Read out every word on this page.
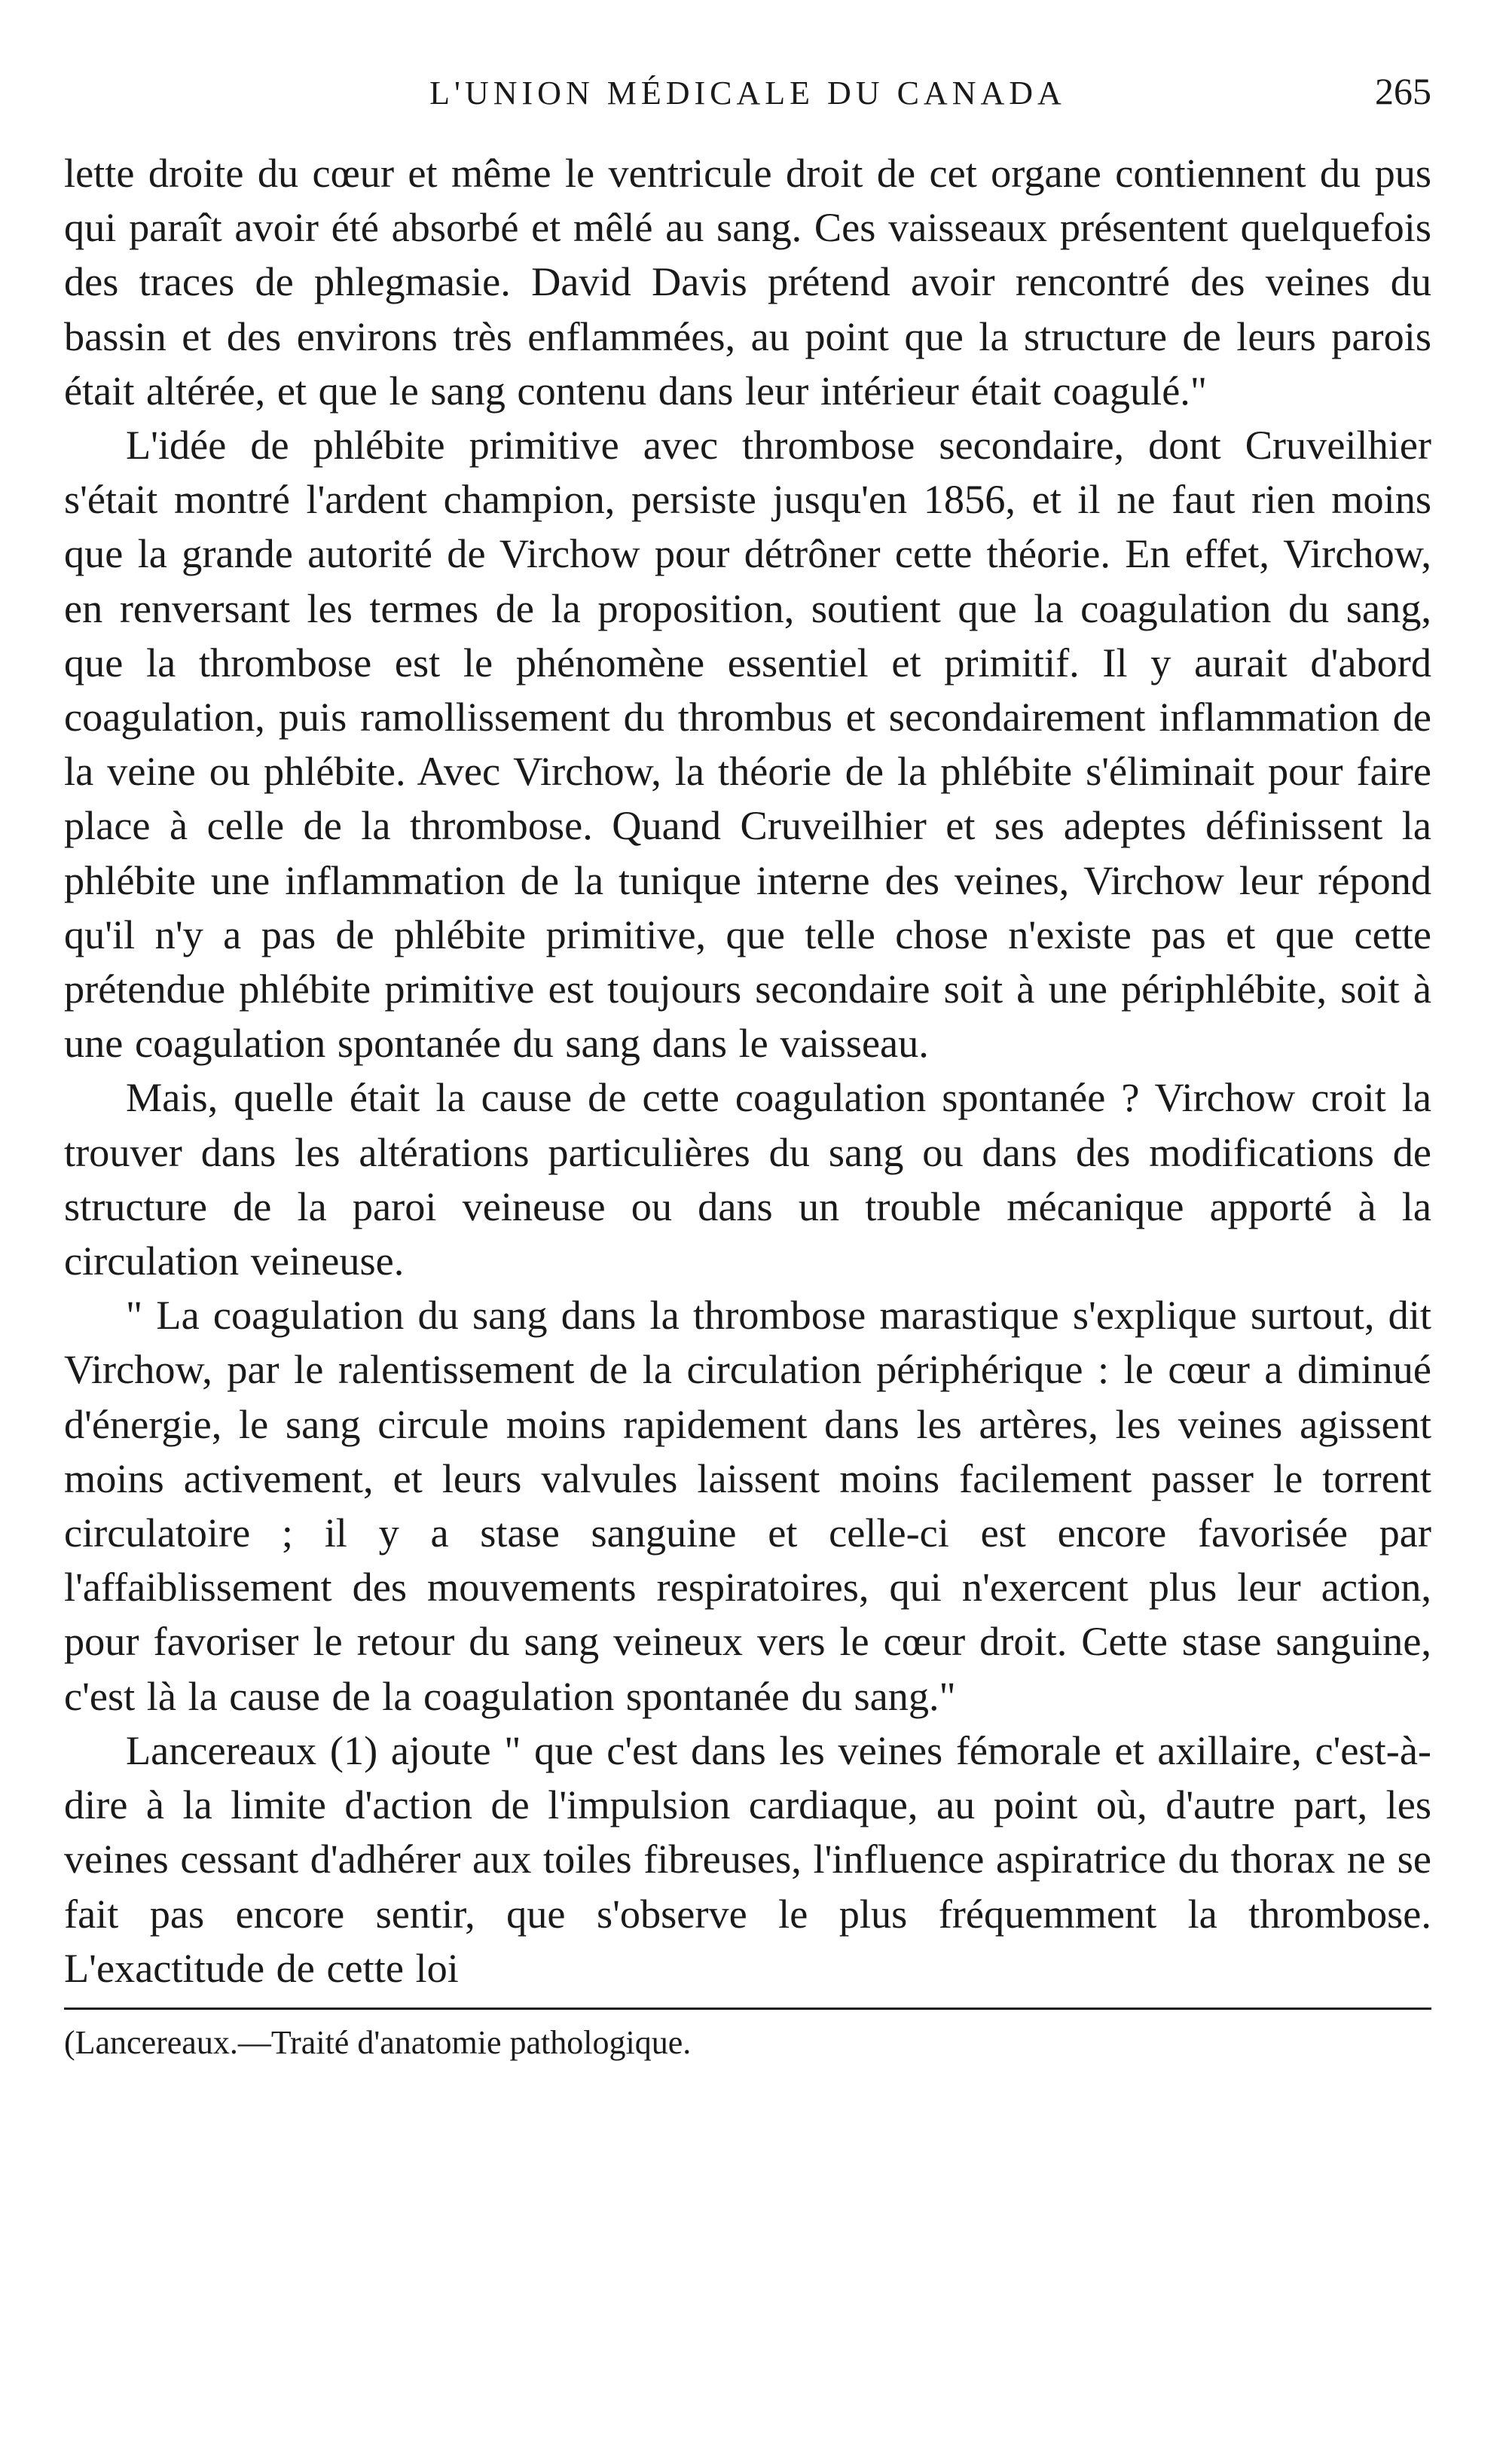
L'UNION MÉDICALE DU CANADA	265

lette droite du cœur et même le ventricule droit de cet organe contiennent du pus qui paraît avoir été absorbé et mêlé au sang. Ces vaisseaux présentent quelquefois des traces de phlegmasie. David Davis prétend avoir rencontré des veines du bassin et des environs très enflammées, au point que la structure de leurs parois était altérée, et que le sang contenu dans leur intérieur était coagulé."

L'idée de phlébite primitive avec thrombose secondaire, dont Cruveilhier s'était montré l'ardent champion, persiste jusqu'en 1856, et il ne faut rien moins que la grande autorité de Virchow pour détrôner cette théorie. En effet, Virchow, en renversant les termes de la proposition, soutient que la coagulation du sang, que la thrombose est le phénomène essentiel et primitif. Il y aurait d'abord coagulation, puis ramollissement du thrombus et secondairement inflammation de la veine ou phlébite. Avec Virchow, la théorie de la phlébite s'éliminait pour faire place à celle de la thrombose. Quand Cruveilhier et ses adeptes définissent la phlébite une inflammation de la tunique interne des veines, Virchow leur répond qu'il n'y a pas de phlébite primitive, que telle chose n'existe pas et que cette prétendue phlébite primitive est toujours secondaire soit à une périphlébite, soit à une coagulation spontanée du sang dans le vaisseau.

Mais, quelle était la cause de cette coagulation spontanée ? Virchow croit la trouver dans les altérations particulières du sang ou dans des modifications de structure de la paroi veineuse ou dans un trouble mécanique apporté à la circulation veineuse.

" La coagulation du sang dans la thrombose marastique s'explique surtout, dit Virchow, par le ralentissement de la circulation périphérique : le cœur a diminué d'énergie, le sang circule moins rapidement dans les artères, les veines agissent moins activement, et leurs valvules laissent moins facilement passer le torrent circulatoire ; il y a stase sanguine et celle-ci est encore favorisée par l'affaiblissement des mouvements respiratoires, qui n'exercent plus leur action, pour favoriser le retour du sang veineux vers le cœur droit. Cette stase sanguine, c'est là la cause de la coagulation spontanée du sang."

Lancereaux (1) ajoute " que c'est dans les veines fémorale et axillaire, c'est-à-dire à la limite d'action de l'impulsion cardiaque, au point où, d'autre part, les veines cessant d'adhérer aux toiles fibreuses, l'influence aspiratrice du thorax ne se fait pas encore sentir, que s'observe le plus fréquemment la thrombose. L'exactitude de cette loi

(Lancereaux.—Traité d'anatomie pathologique.
